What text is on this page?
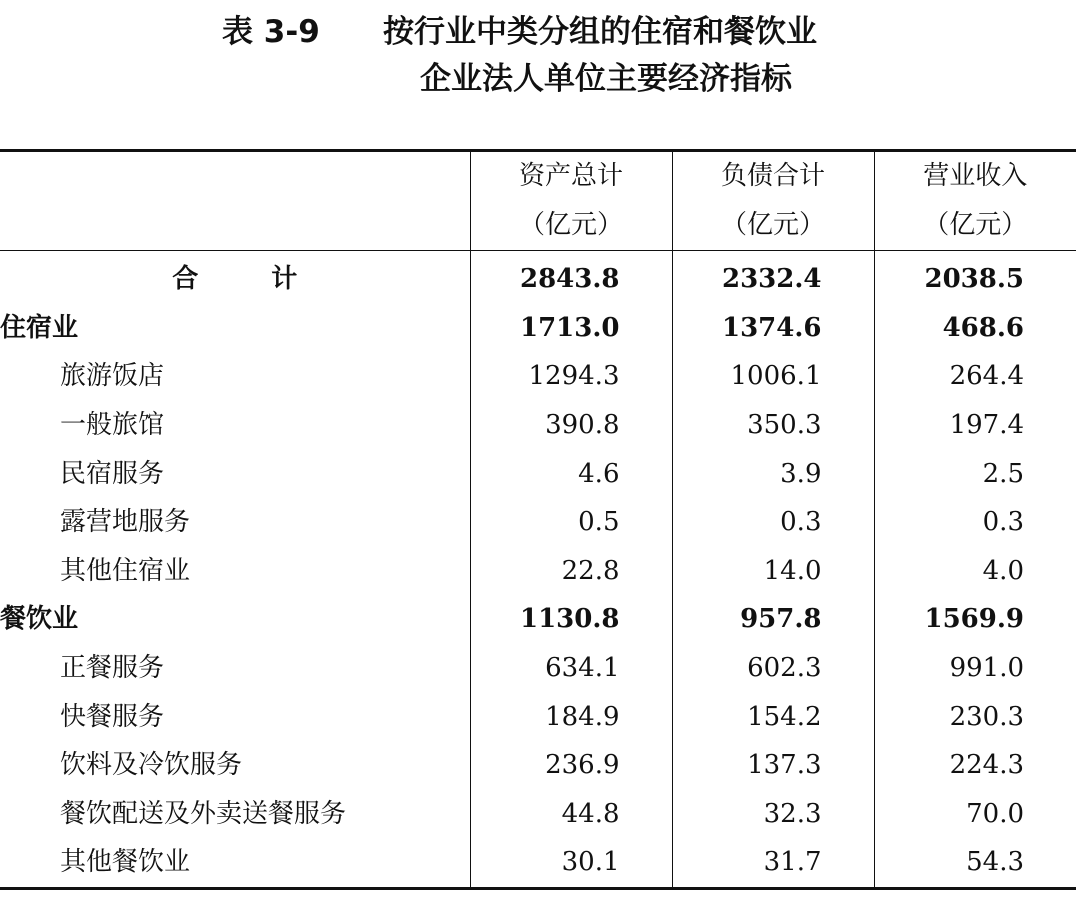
表 3-9 按行业中类分组的住宿和餐饮业
企业法人单位主要经济指标
	资产总计	负债合计	营业收入
	（亿元）	（亿元）	（亿元）
合 计	2843.8	2332.4	2038.5
住宿业	1713.0	1374.6	468.6
旅游饭店	1294.3	1006.1	264.4
一般旅馆	390.8	350.3	197.4
民宿服务	4.6	3.9	2.5
露营地服务	0.5	0.3	0.3
其他住宿业	22.8	14.0	4.0
餐饮业	1130.8	957.8	1569.9
正餐服务	634.1	602.3	991.0
快餐服务	184.9	154.2	230.3
饮料及冷饮服务	236.9	137.3	224.3
餐饮配送及外卖送餐服务	44.8	32.3	70.0
其他餐饮业	30.1	31.7	54.3
